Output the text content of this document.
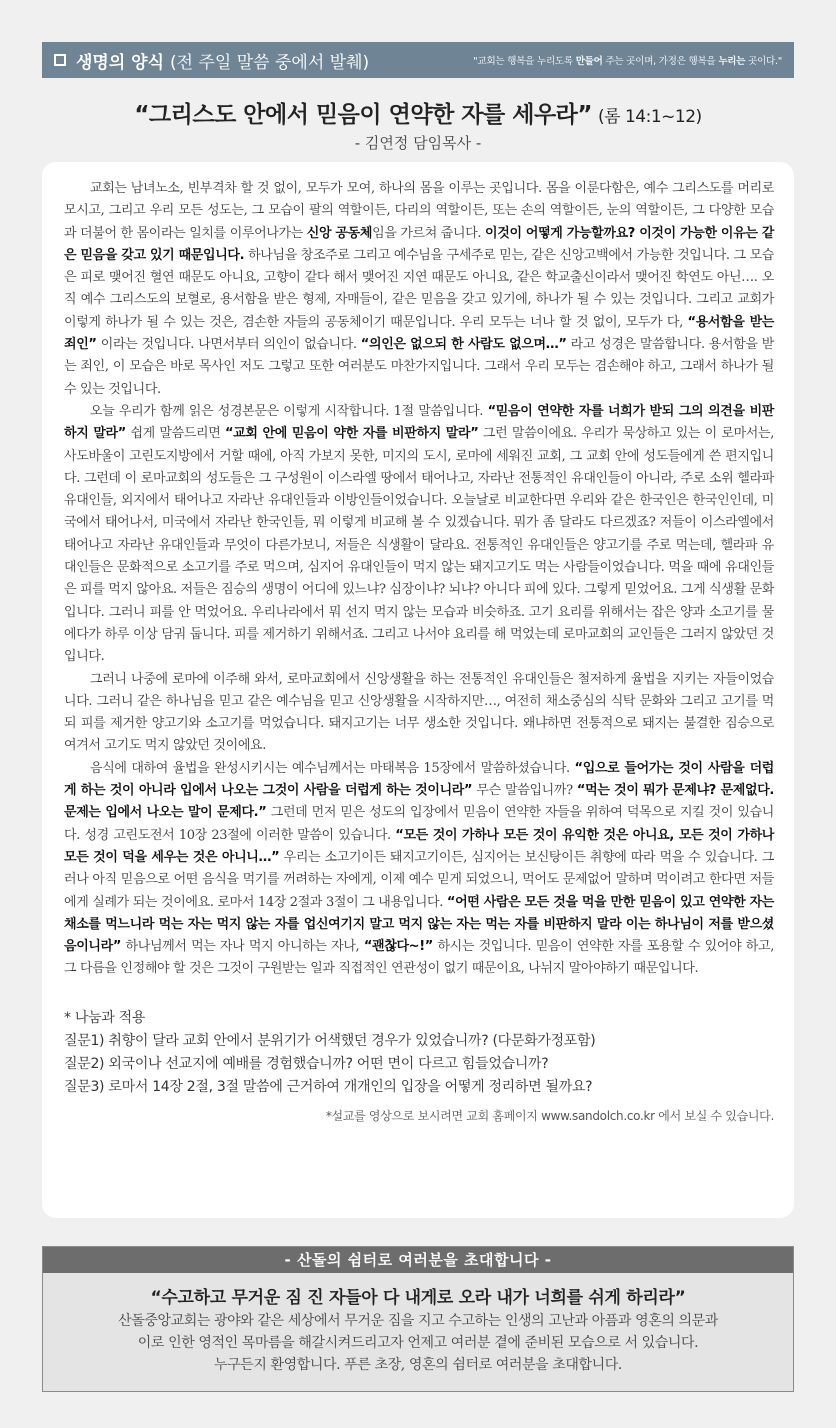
생명의 양식 (전 주일 말씀 중에서 발췌)	"교회는 행복을 누리도록 만들어 주는 곳이며, 가정은 행복을 누리는 곳이다."
“그리스도 안에서 믿음이 연약한 자를 세우라” (롬 14:1~12)
- 김연정 담임목사 -

교회는 남녀노소, 빈부격차 할 것 없이, 모두가 모여, 하나의 몸을 이루는 곳입니다. 몸을 이룬다함은, 예수 그리스도를 머리로 모시고, 그리고 우리 모든 성도는, 그 모습이 팔의 역할이든, 다리의 역할이든, 또는 손의 역할이든, 눈의 역할이든, 그 다양한 모습과 더불어 한 몸이라는 일치를 이루어나가는 신앙 공동체임을 가르쳐 줍니다. 이것이 어떻게 가능할까요? 이것이 가능한 이유는 같은 믿음을 갖고 있기 때문입니다. 하나님을 창조주로 그리고 예수님을 구세주로 믿는, 같은 신앙고백에서 가능한 것입니다. 그 모습은 피로 맺어진 혈연 때문도 아니요, 고향이 같다 해서 맺어진 지연 때문도 아니요, 같은 학교출신이라서 맺어진 학연도 아닌…. 오직 예수 그리스도의 보혈로, 용서함을 받은 형제, 자매들이, 같은 믿음을 갖고 있기에, 하나가 될 수 있는 것입니다. 그리고 교회가 이렇게 하나가 될 수 있는 것은, 겸손한 자들의 공동체이기 때문입니다. 우리 모두는 너나 할 것 없이, 모두가 다, “용서함을 받는 죄인” 이라는 것입니다. 나면서부터 의인이 없습니다. “의인은 없으되 한 사람도 없으며…” 라고 성경은 말씀합니다. 용서함을 받는 죄인, 이 모습은 바로 목사인 저도 그렇고 또한 여러분도 마찬가지입니다. 그래서 우리 모두는 겸손해야 하고, 그래서 하나가 될 수 있는 것입니다.

오늘 우리가 함께 읽은 성경본문은 이렇게 시작합니다. 1절 말씀입니다. “믿음이 연약한 자를 너희가 받되 그의 의견을 비판하지 말라” 쉽게 말씀드리면 “교회 안에 믿음이 약한 자를 비판하지 말라” 그런 말씀이에요. 우리가 묵상하고 있는 이 로마서는, 사도바울이 고린도지방에서 거할 때에, 아직 가보지 못한, 미지의 도시, 로마에 세워진 교회, 그 교회 안에 성도들에게 쓴 편지입니다. 그런데 이 로마교회의 성도들은 그 구성원이 이스라엘 땅에서 태어나고, 자라난 전통적인 유대인들이 아니라, 주로 소위 헬라파 유대인들, 외지에서 태어나고 자라난 유대인들과 이방인들이었습니다. 오늘날로 비교한다면 우리와 같은 한국인은 한국인인데, 미국에서 태어나서, 미국에서 자라난 한국인들, 뭐 이렇게 비교해 볼 수 있겠습니다. 뭐가 좀 달라도 다르겠죠? 저들이 이스라엘에서 태어나고 자라난 유대인들과 무엇이 다른가보니, 저들은 식생활이 달라요. 전통적인 유대인들은 양고기를 주로 먹는데, 헬라파 유대인들은 문화적으로 소고기를 주로 먹으며, 심지어 유대인들이 먹지 않는 돼지고기도 먹는 사람들이었습니다. 먹을 때에 유대인들은 피를 먹지 않아요. 저들은 짐승의 생명이 어디에 있느냐? 심장이냐? 뇌냐? 아니다 피에 있다. 그렇게 믿었어요. 그게 식생활 문화입니다. 그러니 피를 안 먹었어요. 우리나라에서 뭐 선지 먹지 않는 모습과 비슷하죠. 고기 요리를 위해서는 잡은 양과 소고기를 물에다가 하루 이상 담궈 둡니다. 피를 제거하기 위해서죠. 그리고 나서야 요리를 해 먹었는데 로마교회의 교인들은 그러지 않았던 것입니다.

그러니 나중에 로마에 이주해 와서, 로마교회에서 신앙생활을 하는 전통적인 유대인들은 철저하게 율법을 지키는 자들이었습니다. 그러니 같은 하나님을 믿고 같은 예수님을 믿고 신앙생활을 시작하지만…, 여전히 채소중심의 식탁 문화와 그리고 고기를 먹되 피를 제거한 양고기와 소고기를 먹었습니다. 돼지고기는 너무 생소한 것입니다. 왜냐하면 전통적으로 돼지는 불결한 짐승으로 여겨서 고기도 먹지 않았던 것이에요.

음식에 대하여 율법을 완성시키시는 예수님께서는 마태복음 15장에서 말씀하셨습니다. “입으로 들어가는 것이 사람을 더럽게 하는 것이 아니라 입에서 나오는 그것이 사람을 더럽게 하는 것이니라” 무슨 말씀입니까? “먹는 것이 뭐가 문제냐? 문제없다. 문제는 입에서 나오는 말이 문제다.” 그런데 먼저 믿은 성도의 입장에서 믿음이 연약한 자들을 위하여 덕목으로 지킬 것이 있습니다. 성경 고린도전서 10장 23절에 이러한 말씀이 있습니다. “모든 것이 가하나 모든 것이 유익한 것은 아니요, 모든 것이 가하나 모든 것이 덕을 세우는 것은 아니니…” 우리는 소고기이든 돼지고기이든, 심지어는 보신탕이든 취향에 따라 먹을 수 있습니다. 그러나 아직 믿음으로 어떤 음식을 먹기를 꺼려하는 자에게, 이제 예수 믿게 되었으니, 먹어도 문제없어 말하며 먹이려고 한다면 저들에게 실례가 되는 것이에요. 로마서 14장 2절과 3절이 그 내용입니다. “어떤 사람은 모든 것을 먹을 만한 믿음이 있고 연약한 자는 채소를 먹느니라 먹는 자는 먹지 않는 자를 업신여기지 말고 먹지 않는 자는 먹는 자를 비판하지 말라 이는 하나님이 저를 받으셨음이니라” 하나님께서 먹는 자나 먹지 아니하는 자나, “괜찮다~!” 하시는 것입니다. 믿음이 연약한 자를 포용할 수 있어야 하고, 그 다름을 인정해야 할 것은 그것이 구원받는 일과 직접적인 연관성이 없기 때문이요, 나뉘지 말아야하기 때문입니다.

* 나눔과 적용
질문1) 취향이 달라 교회 안에서 분위기가 어색했던 경우가 있었습니까? (다문화가정포함)
질문2) 외국이나 선교지에 예배를 경험했습니까? 어떤 면이 다르고 힘들었습니까?
질문3) 로마서 14장 2절, 3절 말씀에 근거하여 개개인의 입장을 어떻게 정리하면 될까요?
*설교를 영상으로 보시려면 교회 홈페이지 www.sandolch.co.kr 에서 보실 수 있습니다.
- 산돌의 쉼터로 여러분을 초대합니다 -
“수고하고 무거운 짐 진 자들아 다 내게로 오라 내가 너희를 쉬게 하리라”
산돌중앙교회는 광야와 같은 세상에서 무거운 짐을 지고 수고하는 인생의 고난과 아픔과 영혼의 의문과
이로 인한 영적인 목마름을 해갈시켜드리고자 언제고 여러분 곁에 준비된 모습으로 서 있습니다.
누구든지 환영합니다. 푸른 초장, 영혼의 쉼터로 여러분을 초대합니다.
